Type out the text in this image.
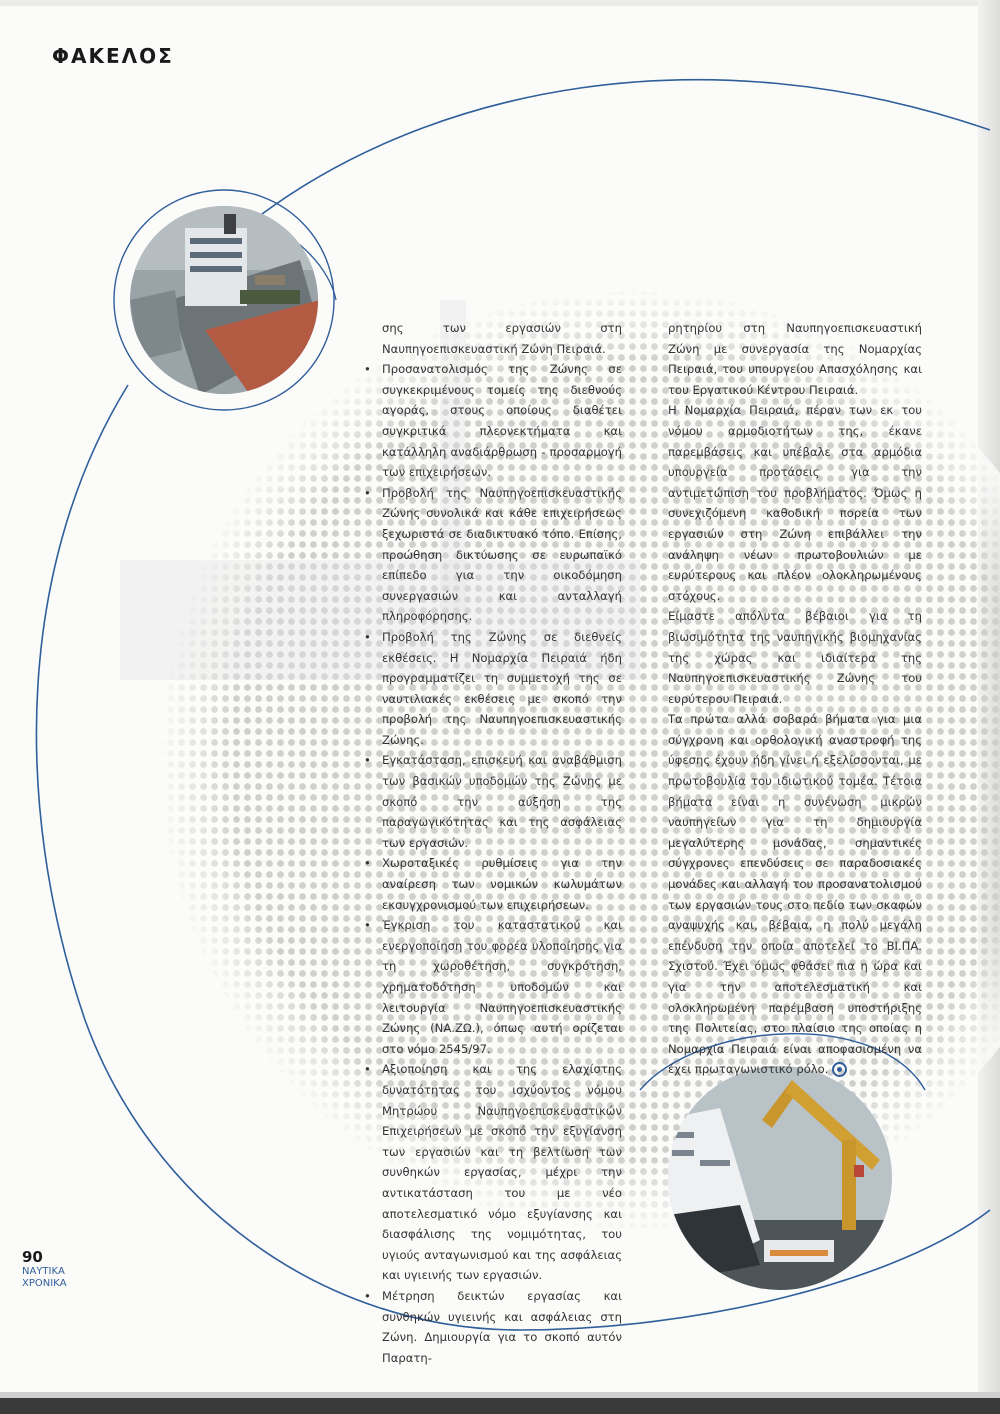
ΦΑΚΕΛΟΣ

σης των εργασιών στη Ναυπηγοεπισκευαστική Ζώνη Πειραιά.

• Προσανατολισμός της Ζώνης σε συγκεκριμένους τομείς της διεθνούς αγοράς, στους οποίους διαθέτει συγκριτικά πλεονεκτήματα και κατάλληλη αναδιάρθρωση - προσαρμογή των επιχειρήσεων.
• Προβολή της Ναυπηγοεπισκευαστικής Ζώνης συνολικά και κάθε επιχειρήσεως ξεχωριστά σε διαδικτυακό τόπο. Επίσης, προώθηση δικτύωσης σε ευρωπαϊκό επίπεδο για την οικοδόμηση συνεργασιών και ανταλλαγή πληροφόρησης.
• Προβολή της Ζώνης σε διεθνείς εκθέσεις. Η Νομαρχία Πειραιά ήδη προγραμματίζει τη συμμετοχή της σε ναυτιλιακές εκθέσεις με σκοπό την προβολή της Ναυπηγοεπισκευαστικής Ζώνης.
• Εγκατάσταση, επισκευή και αναβάθμιση των βασικών υποδομών της Ζώνης με σκοπό την αύξηση της παραγωγικότητας και της ασφάλειας των εργασιών.
• Χωροταξικές ρυθμίσεις για την αναίρεση των νομικών κωλυμάτων εκσυγχρονισμού των επιχειρήσεων.
• Έγκριση του καταστατικού και ενεργοποίηση του φορέα υλοποίησης για τη χωροθέτηση, συγκρότηση, χρηματοδότηση υποδομών και λειτουργία Ναυπηγοεπισκευαστικής Ζώνης (ΝΑ.ΖΩ.), όπως αυτή ορίζεται στο νόμο 2545/97.
• Αξιοποίηση και της ελαχίστης δυνατότητας του ισχύοντος νόμου Μητρώου Ναυπηγοεπισκευαστικών Επιχειρήσεων με σκοπό την εξυγίανση των εργασιών και τη βελτίωση των συνθηκών εργασίας, μέχρι την αντικατάσταση του με νέο αποτελεσματικό νόμο εξυγίανσης και διασφάλισης της νομιμότητας, του υγιούς ανταγωνισμού και της ασφάλειας και υγιεινής των εργασιών.
• Μέτρηση δεικτών εργασίας και συνθηκών υγιεινής και ασφάλειας στη Ζώνη. Δημιουργία για το σκοπό αυτόν Παρατη-

ρητηρίου στη Ναυπηγοεπισκευαστική Ζώνη με συνεργασία της Νομαρχίας Πειραιά, του υπουργείου Απασχόλησης και του Εργατικού Κέντρου Πειραιά.

Η Νομαρχία Πειραιά, πέραν των εκ του νόμου αρμοδιοτήτων της, έκανε παρεμβάσεις και υπέβαλε στα αρμόδια υπουργεία προτάσεις για την αντιμετώπιση του προβλήματος. Όμως η συνεχιζόμενη καθοδική πορεία των εργασιών στη Ζώνη επιβάλλει την ανάληψη νέων πρωτοβουλιών με ευρύτερους και πλέον ολοκληρωμένους στόχους.

Είμαστε απόλυτα βέβαιοι για τη βιωσιμότητα της ναυπηγικής βιομηχανίας της χώρας και ιδιαίτερα της Ναυπηγοεπισκευαστικής Ζώνης του ευρύτερου Πειραιά.

Τα πρώτα αλλά σοβαρά βήματα για μια σύγχρονη και ορθολογική αναστροφή της ύφεσης έχουν ήδη γίνει ή εξελίσσονται, με πρωτοβουλία του ιδιωτικού τομέα. Τέτοια βήματα είναι η συνένωση μικρών ναυπηγείων για τη δημιουργία μεγαλύτερης μονάδας, σημαντικές σύγχρονες επενδύσεις σε παραδοσιακές μονάδες και αλλαγή του προσανατολισμού των εργασιών τους στο πεδίο των σκαφών αναψυχής και, βέβαια, η πολύ μεγάλη επένδυση την οποία αποτελεί το ΒΙ.ΠΑ. Σχιστού. Έχει όμως φθάσει πια η ώρα και για την αποτελεσματική και ολοκληρωμένη παρέμβαση υποστήριξης της Πολιτείας, στο πλαίσιο της οποίας η Νομαρχία Πειραιά είναι αποφασισμένη να έχει πρωταγωνιστικό ρόλο.

90
ΝΑΥΤΙΚΑ
ΧΡΟΝΙΚΑ
